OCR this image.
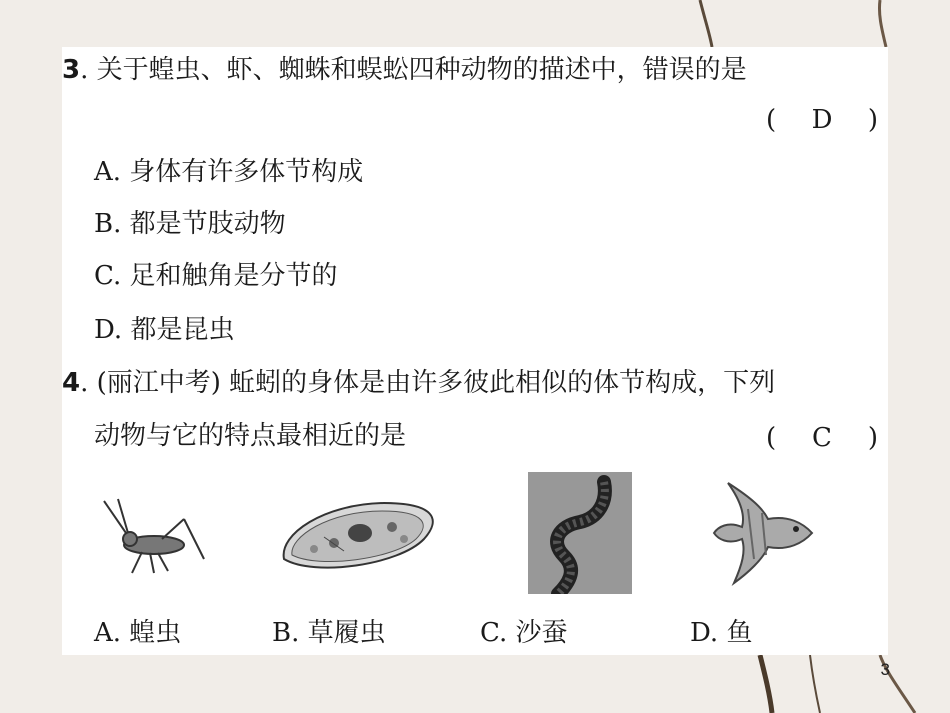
3. 关于蝗虫、虾、蜘蛛和蜈蚣四种动物的描述中，错误的是
( D )
A. 身体有许多体节构成
B. 都是节肢动物
C. 足和触角是分节的
D. 都是昆虫
4. (丽江中考) 蚯蚓的身体是由许多彼此相似的体节构成，下列
动物与它的特点最相近的是	( C )
A. 蝗虫	B. 草履虫	C. 沙蚕	D. 鱼
3
